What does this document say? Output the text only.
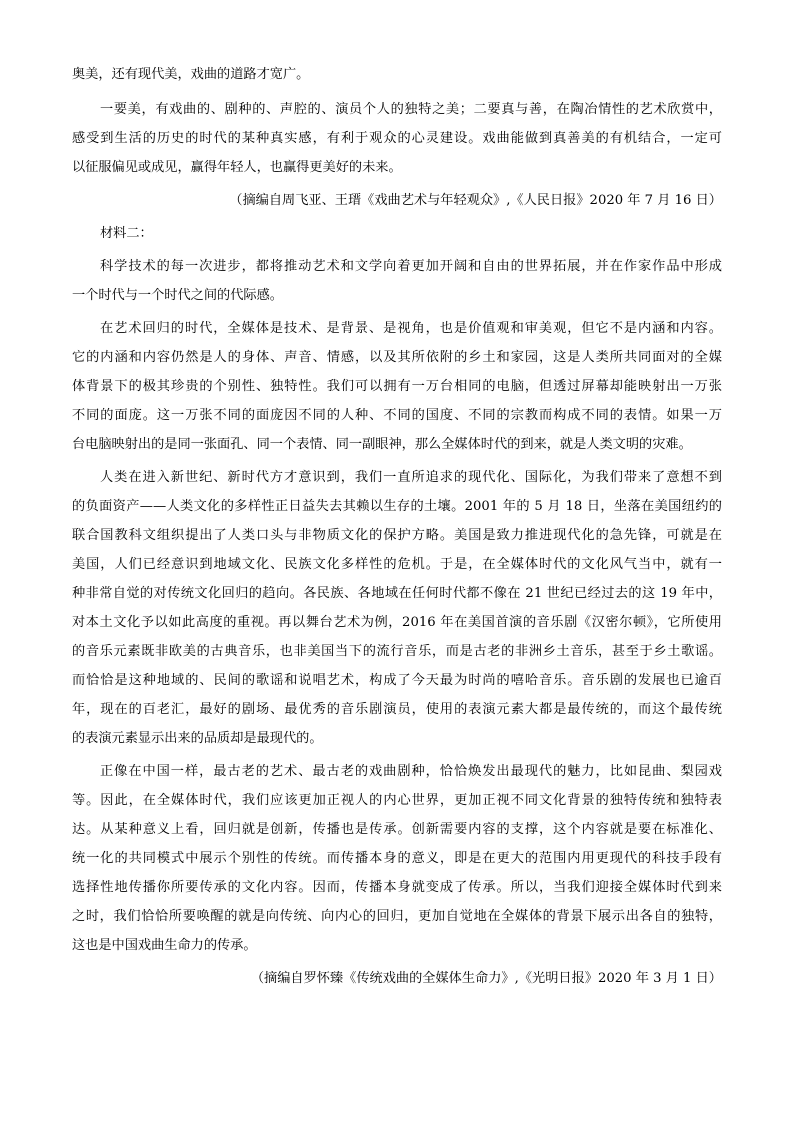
奥美，还有现代美，戏曲的道路才宽广。
一要美，有戏曲的、剧种的、声腔的、演员个人的独特之美；二要真与善，在陶冶情性的艺术欣赏中，
感受到生活的历史的时代的某种真实感，有利于观众的心灵建设。戏曲能做到真善美的有机结合，一定可
以征服偏见或成见，赢得年轻人，也赢得更美好的未来。
（摘编自周飞亚、王瑨《戏曲艺术与年轻观众》,《人民日报》2020 年 7 月 16 日）
材料二：
科学技术的每一次进步，都将推动艺术和文学向着更加开阔和自由的世界拓展，并在作家作品中形成
一个时代与一个时代之间的代际感。
在艺术回归的时代，全媒体是技术、是背景、是视角，也是价值观和审美观，但它不是内涵和内容。
它的内涵和内容仍然是人的身体、声音、情感，以及其所依附的乡土和家园，这是人类所共同面对的全媒
体背景下的极其珍贵的个别性、独特性。我们可以拥有一万台相同的电脑，但透过屏幕却能映射出一万张
不同的面庞。这一万张不同的面庞因不同的人种、不同的国度、不同的宗教而构成不同的表情。如果一万
台电脑映射出的是同一张面孔、同一个表情、同一副眼神，那么全媒体时代的到来，就是人类文明的灾难。
人类在进入新世纪、新时代方才意识到，我们一直所追求的现代化、国际化，为我们带来了意想不到
的负面资产——人类文化的多样性正日益失去其赖以生存的土壤。2001 年的 5 月 18 日，坐落在美国纽约的
联合国教科文组织提出了人类口头与非物质文化的保护方略。美国是致力推进现代化的急先锋，可就是在
美国，人们已经意识到地域文化、民族文化多样性的危机。于是，在全媒体时代的文化风气当中，就有一
种非常自觉的对传统文化回归的趋向。各民族、各地域在任何时代都不像在 21 世纪已经过去的这 19 年中，
对本土文化予以如此高度的重视。再以舞台艺术为例，2016 年在美国首演的音乐剧《汉密尔顿》，它所使用
的音乐元素既非欧美的古典音乐，也非美国当下的流行音乐，而是古老的非洲乡土音乐，甚至于乡土歌谣。
而恰恰是这种地域的、民间的歌谣和说唱艺术，构成了今天最为时尚的嘻哈音乐。音乐剧的发展也已逾百
年，现在的百老汇，最好的剧场、最优秀的音乐剧演员，使用的表演元素大都是最传统的，而这个最传统
的表演元素显示出来的品质却是最现代的。
正像在中国一样，最古老的艺术、最古老的戏曲剧种，恰恰焕发出最现代的魅力，比如昆曲、梨园戏
等。因此，在全媒体时代，我们应该更加正视人的内心世界，更加正视不同文化背景的独特传统和独特表
达。从某种意义上看，回归就是创新，传播也是传承。创新需要内容的支撑，这个内容就是要在标准化、
统一化的共同模式中展示个别性的传统。而传播本身的意义，即是在更大的范围内用更现代的科技手段有
选择性地传播你所要传承的文化内容。因而，传播本身就变成了传承。所以，当我们迎接全媒体时代到来
之时，我们恰恰所要唤醒的就是向传统、向内心的回归，更加自觉地在全媒体的背景下展示出各自的独特，
这也是中国戏曲生命力的传承。
（摘编自罗怀臻《传统戏曲的全媒体生命力》,《光明日报》2020 年 3 月 1 日）
